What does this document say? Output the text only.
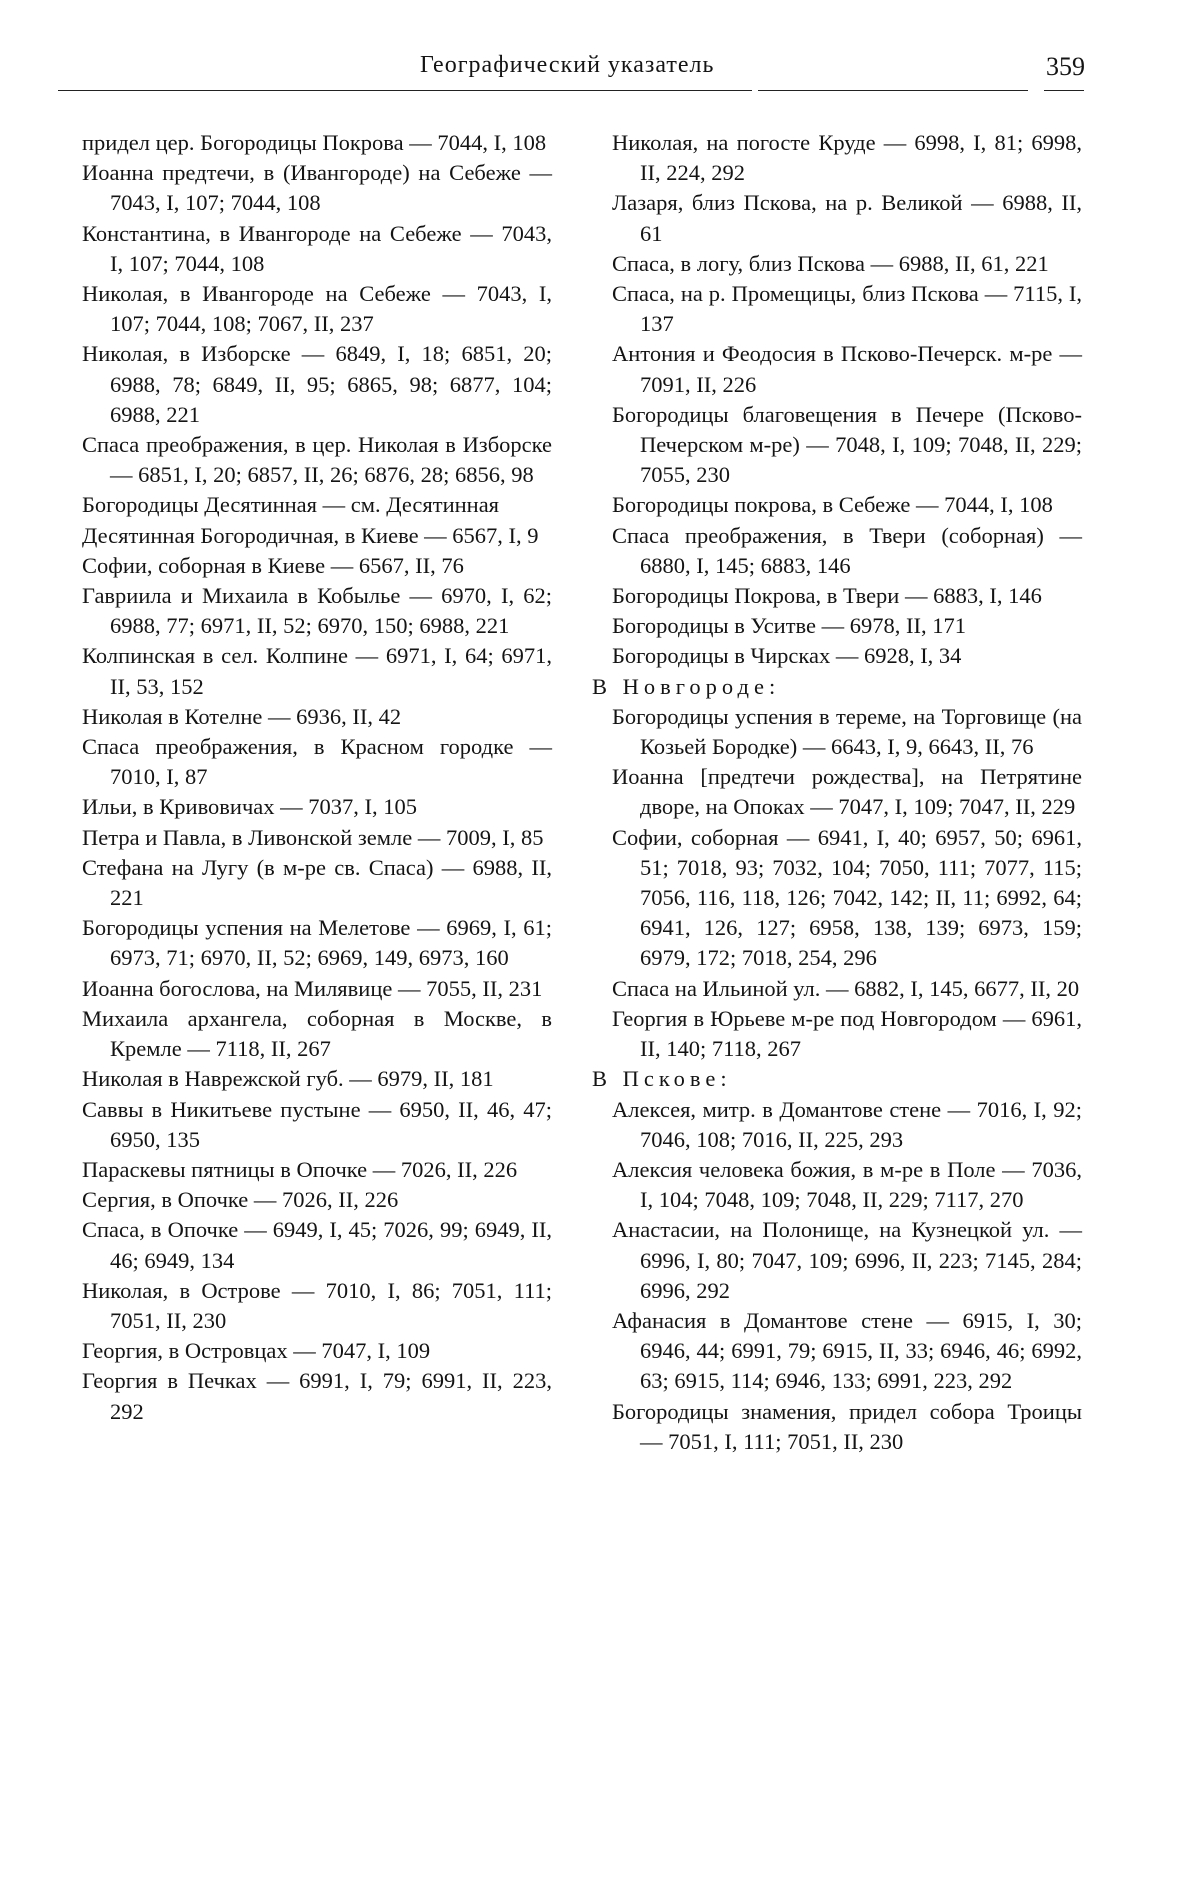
Географический указатель	359

придел цер. Богородицы Покрова — 7044, I, 108

Иоанна предтечи, в (Ивангороде) на Себеже — 7043, I, 107; 7044, 108

Константина, в Ивангороде на Себеже — 7043, I, 107; 7044, 108

Николая, в Ивангороде на Себеже — 7043, I, 107; 7044, 108; 7067, II, 237

Николая, в Изборске — 6849, I, 18; 6851, 20; 6988, 78; 6849, II, 95; 6865, 98; 6877, 104; 6988, 221

Спаса преображения, в цер. Николая в Изборске — 6851, I, 20; 6857, II, 26; 6876, 28; 6856, 98

Богородицы Десятинная — см. Десятинная

Десятинная Богородичная, в Киеве — 6567, I, 9

Софии, соборная в Киеве — 6567, II, 76

Гавриила и Михаила в Кобылье — 6970, I, 62; 6988, 77; 6971, II, 52; 6970, 150; 6988, 221

Колпинская в сел. Колпине — 6971, I, 64; 6971, II, 53, 152

Николая в Котелне — 6936, II, 42

Спаса преображения, в Красном городке — 7010, I, 87

Ильи, в Кривовичах — 7037, I, 105

Петра и Павла, в Ливонской земле — 7009, I, 85

Стефана на Лугу (в м-ре св. Спаса) — 6988, II, 221

Богородицы успения на Мелетове — 6969, I, 61; 6973, 71; 6970, II, 52; 6969, 149, 6973, 160

Иоанна богослова, на Милявице — 7055, II, 231

Михаила архангела, соборная в Москве, в Кремле — 7118, II, 267

Николая в Наврежской губ. — 6979, II, 181

Саввы в Никитьеве пустыне — 6950, II, 46, 47; 6950, 135

Параскевы пятницы в Опочке — 7026, II, 226

Сергия, в Опочке — 7026, II, 226

Спаса, в Опочке — 6949, I, 45; 7026, 99; 6949, II, 46; 6949, 134

Николая, в Острове — 7010, I, 86; 7051, 111; 7051, II, 230

Георгия, в Островцах — 7047, I, 109

Георгия в Печках — 6991, I, 79; 6991, II, 223, 292

Николая, на погосте Круде — 6998, I, 81; 6998, II, 224, 292

Лазаря, близ Пскова, на р. Великой — 6988, II, 61

Спаса, в логу, близ Пскова — 6988, II, 61, 221

Спаса, на р. Промещицы, близ Пскова — 7115, I, 137

Антония и Феодосия в Псково-Печерск. м-ре — 7091, II, 226

Богородицы благовещения в Печере (Псково-Печерском м-ре) — 7048, I, 109; 7048, II, 229; 7055, 230

Богородицы покрова, в Себеже — 7044, I, 108

Спаса преображения, в Твери (соборная) — 6880, I, 145; 6883, 146

Богородицы Покрова, в Твери — 6883, I, 146

Богородицы в Уситве — 6978, II, 171

Богородицы в Чирсках — 6928, I, 34

В Новгороде:

Богородицы успения в тереме, на Торговище (на Козьей Бородке) — 6643, I, 9, 6643, II, 76

Иоанна [предтечи рождества], на Петрятине дворе, на Опоках — 7047, I, 109; 7047, II, 229

Софии, соборная — 6941, I, 40; 6957, 50; 6961, 51; 7018, 93; 7032, 104; 7050, 111; 7077, 115; 7056, 116, 118, 126; 7042, 142; II, 11; 6992, 64; 6941, 126, 127; 6958, 138, 139; 6973, 159; 6979, 172; 7018, 254, 296

Спаса на Ильиной ул. — 6882, I, 145, 6677, II, 20

Георгия в Юрьеве м-ре под Новгородом — 6961, II, 140; 7118, 267

В Пскове:

Алексея, митр. в Домантове стене — 7016, I, 92; 7046, 108; 7016, II, 225, 293

Алексия человека божия, в м-ре в Поле — 7036, I, 104; 7048, 109; 7048, II, 229; 7117, 270

Анастасии, на Полонище, на Кузнецкой ул. — 6996, I, 80; 7047, 109; 6996, II, 223; 7145, 284; 6996, 292

Афанасия в Домантове стене — 6915, I, 30; 6946, 44; 6991, 79; 6915, II, 33; 6946, 46; 6992, 63; 6915, 114; 6946, 133; 6991, 223, 292

Богородицы знамения, придел собора Троицы — 7051, I, 111; 7051, II, 230
